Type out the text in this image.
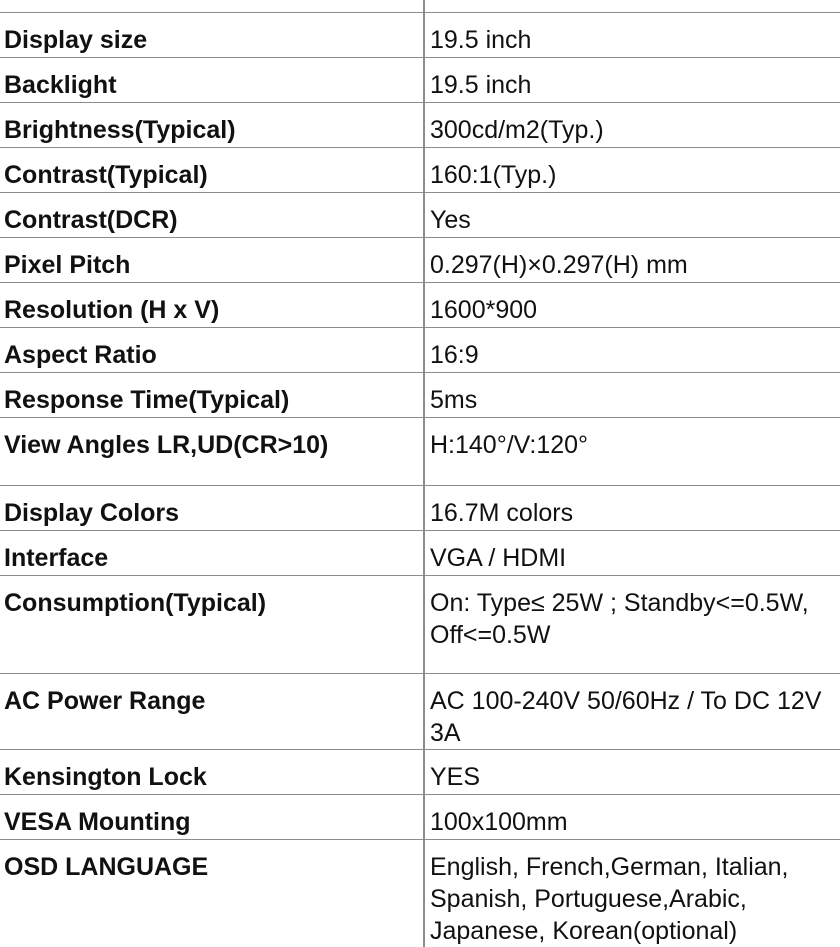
Display size	19.5 inch
Backlight	19.5 inch
Brightness(Typical)	300cd/m2(Typ.)
Contrast(Typical)	160:1(Typ.)
Contrast(DCR)	Yes
Pixel Pitch	0.297(H)×0.297(H) mm
Resolution (H x V)	1600*900
Aspect Ratio	16:9
Response Time(Typical)	5ms
View Angles LR,UD(CR>10)	H:140°/V:120°
Display Colors	16.7M colors
Interface	VGA / HDMI
Consumption(Typical)	On: Type≤ 25W ; Standby<=0.5W, Off<=0.5W
AC Power Range	AC 100-240V 50/60Hz / To DC 12V 3A
Kensington Lock	YES
VESA Mounting	100x100mm
OSD LANGUAGE	English, French,German, Italian, Spanish, Portuguese,Arabic, Japanese, Korean(optional)
